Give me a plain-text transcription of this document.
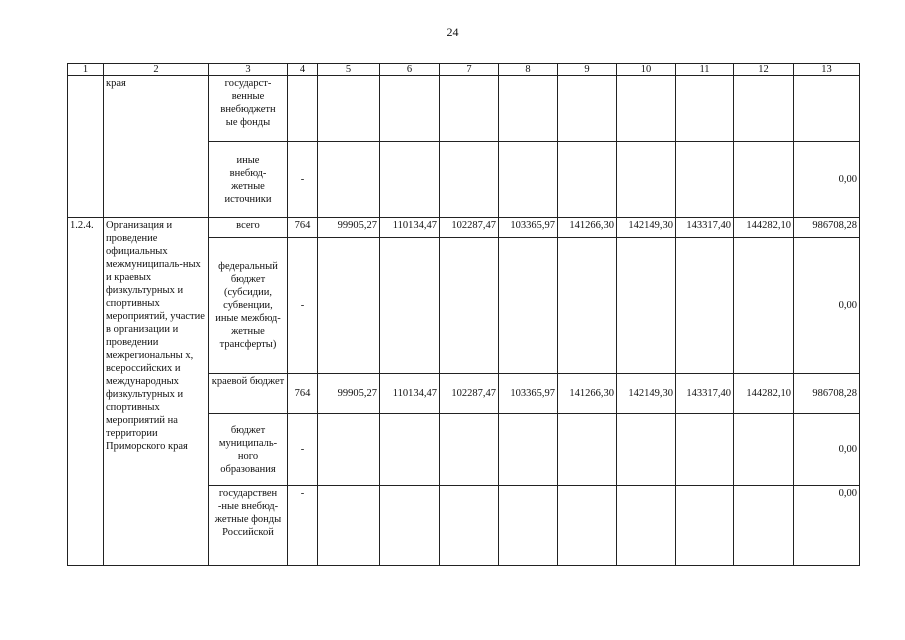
24
1	2	3	4	5	6	7	8	9	10	11	12	13
	края	государст-
венные
внебюджетн
ые фонды										
		иные
внебюд-
жетные
источники	-									0,00
1.2.4.	Организация и проведение официальных межмуниципаль-ных и краевых физкультурных и спортивных мероприятий, участие в организации и проведении межрегиональны х, всероссийских и международных физкультурных и спортивных мероприятий на территории Приморского края	всего	764	99905,27	110134,47	102287,47	103365,97	141266,30	142149,30	143317,40	144282,10	986708,28
		федеральный бюджет (субсидии, субвенции, иные межбюд-жетные трансферты)	-									0,00
		краевой бюджет	764	99905,27	110134,47	102287,47	103365,97	141266,30	142149,30	143317,40	144282,10	986708,28
		бюджет муниципаль-ного образования	-									0,00
		государствен -ные внебюд-жетные фонды Российской	-									0,00
